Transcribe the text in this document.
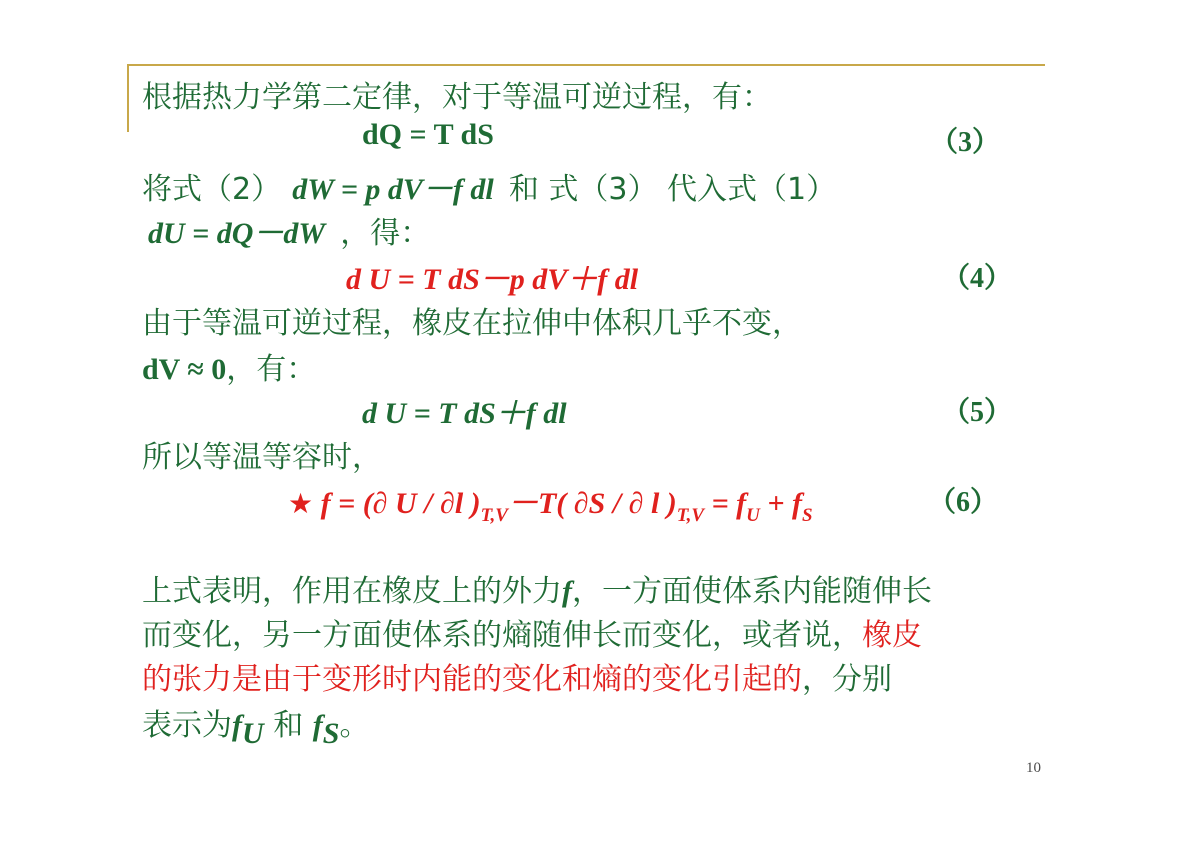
根据热力学第二定律，对于等温可逆过程，有：
dQ = T dS	（3）
将式（2） dW = p dV－f dl 和 式（3） 代入式（1）
dU = dQ－dW ，得：
d U = T dS－p dV＋f dl	（4）
由于等温可逆过程，橡皮在拉伸中体积几乎不变，
dV ≈ 0，有：
d U = T dS＋f dl	（5）
所以等温等容时，
★ f = (∂ U / ∂l )$_{T,V}-T$( ∂S / ∂ l )$_{T,V} = f_U + f_S$	（6）
上式表明，作用在橡皮上的外力f，一方面使体系内能随伸长
而变化，另一方面使体系的熵随伸长而变化，或者说，橡皮
的张力是由于变形时内能的变化和熵的变化引起的，分别
表示为$f_U$ 和 $f_S$。
10
